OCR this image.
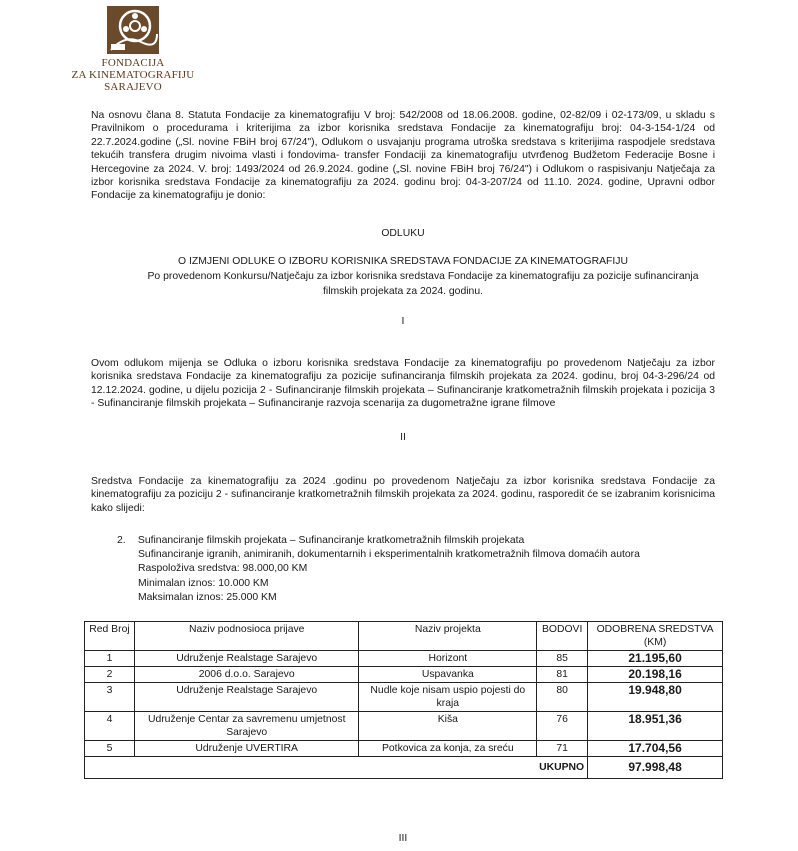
FONDACIJA
ZA KINEMATOGRAFIJU
SARAJEVO
Na osnovu člana 8. Statuta Fondacije za kinematografiju V broj: 542/2008 od 18.06.2008. godine, 02-82/09 i 02-173/09, u skladu s Pravilnikom o procedurama i kriterijima za izbor korisnika sredstava Fondacije za kinematografiju broj: 04-3-154-1/24 od 22.7.2024.godine („Sl. novine FBiH broj 67/24"), Odlukom o usvajanju programa utroška sredstava s kriterijima raspodjele sredstava tekućih transfera drugim nivoima vlasti i fondovima- transfer Fondaciji za kinematografiju utvrđenog Budžetom Federacije Bosne i Hercegovine za 2024. V. broj: 1493/2024 od 26.9.2024. godine („Sl. novine FBiH broj 76/24") i Odlukom o raspisivanju Natječaja za izbor korisnika sredstava Fondacije za kinematografiju za 2024. godinu broj: 04-3-207/24 od 11.10. 2024. godine, Upravni odbor Fondacije za kinematografiju je donio:
ODLUKU
O IZMJENI ODLUKE O IZBORU KORISNIKA SREDSTAVA FONDACIJE ZA KINEMATOGRAFIJU
Po provedenom Konkursu/Natječaju za izbor korisnika sredstava Fondacije za kinematografiju za pozicije sufinanciranja
filmskih projekata za 2024. godinu.
I
Ovom odlukom mijenja se Odluka o izboru korisnika sredstava Fondacije za kinematografiju po provedenom Natječaju za izbor korisnika sredstava Fondacije za kinematografiju za pozicije sufinanciranja filmskih projekata za 2024. godinu, broj 04-3-296/24 od 12.12.2024. godine, u dijelu pozicija 2 - Sufinanciranje filmskih projekata – Sufinanciranje kratkometražnih filmskih projekata i pozicija 3 - Sufinanciranje filmskih projekata – Sufinanciranje razvoja scenarija za dugometražne igrane filmove
II
Sredstva Fondacije za kinematografiju za 2024 .godinu po provedenom Natječaju za izbor korisnika sredstava Fondacije za kinematografiju za poziciju 2 - sufinanciranje kratkometražnih filmskih projekata za 2024. godinu, rasporedit će se izabranim korisnicima kako slijedi:
2. Sufinanciranje filmskih projekata – Sufinanciranje kratkometražnih filmskih projekata
Sufinanciranje igranih, animiranih, dokumentarnih i eksperimentalnih kratkometražnih filmova domaćih autora
Raspoloživa sredstva: 98.000,00 KM
Minimalan iznos: 10.000 KM
Maksimalan iznos: 25.000 KM
Red Broj	Naziv podnosioca prijave	Naziv projekta	BODOVI	ODOBRENA SREDSTVA (KM)
1	Udruženje Realstage Sarajevo	Horizont	85	21.195,60
2	2006 d.o.o. Sarajevo	Uspavanka	81	20.198,16
3	Udruženje Realstage Sarajevo	Nudle koje nisam uspio pojesti do kraja	80	19.948,80
4	Udruženje Centar za savremenu umjetnost Sarajevo	Kiša	76	18.951,36
5	Udruženje UVERTIRA	Potkovica za konja, za sreću	71	17.704,56
UKUPNO				97.998,48
III
